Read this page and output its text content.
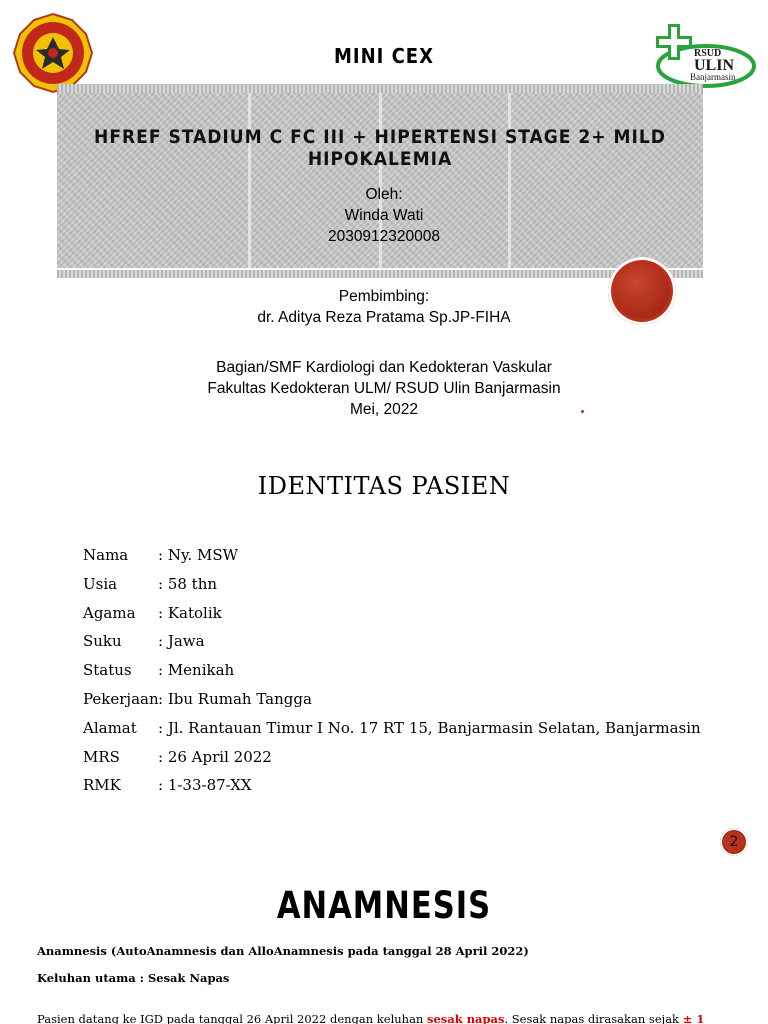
RSUD
ULIN
Banjarmasin
MINI CEX
HFREF STADIUM C FC III + HIPERTENSI STAGE 2+ MILD HIPOKALEMIA
Oleh:
Winda Wati
2030912320008
Pembimbing:
dr. Aditya Reza Pratama Sp.JP-FIHA
Bagian/SMF Kardiologi dan Kedokteran Vaskular
Fakultas Kedokteran ULM/ RSUD Ulin Banjarmasin
Mei, 2022
IDENTITAS PASIEN
Nama	: Ny. MSW
Usia	: 58 thn
Agama	: Katolik
Suku	: Jawa
Status	: Menikah
Pekerjaan : Ibu Rumah Tangga
Alamat	: Jl. Rantauan Timur I No. 17 RT 15, Banjarmasin Selatan, Banjarmasin
MRS	: 26 April 2022
RMK	: 1-33-87-XX
2
ANAMNESIS
Anamnesis (AutoAnamnesis dan AlloAnamnesis pada tanggal 28 April 2022)
Keluhan utama : Sesak Napas
Pasien datang ke IGD pada tanggal 26 April 2022 dengan keluhan sesak napas. Sesak napas dirasakan sejak ± 1
